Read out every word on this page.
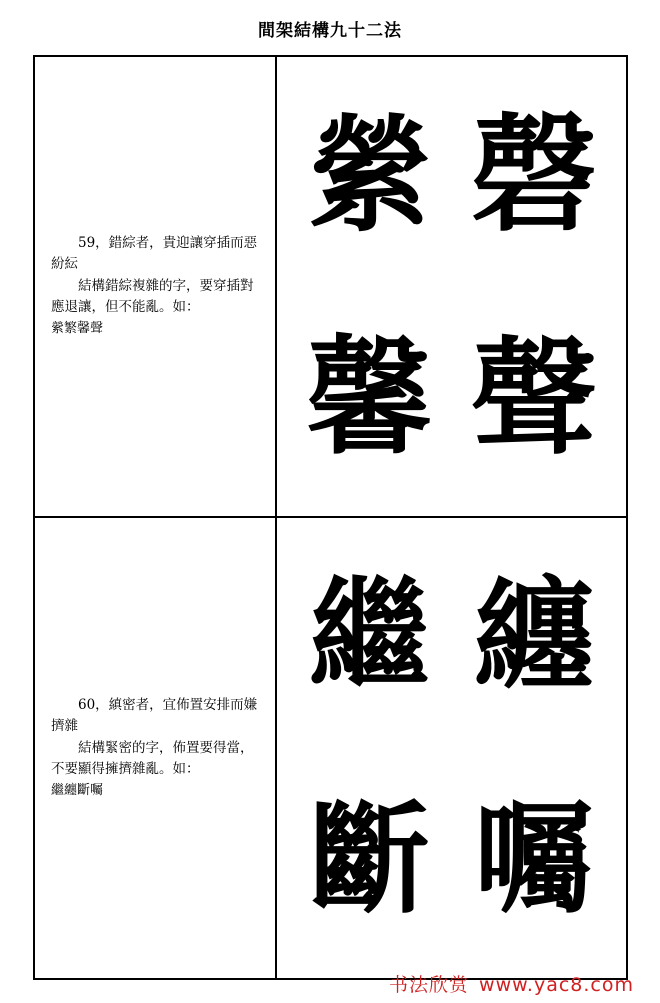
間架結構九十二法

59，錯綜者，貴迎讓穿插而惡紛紜

結構錯綜複雜的字，要穿插對應退讓，但不能亂。如：

縈繁馨聲

縈 磬
馨 聲

60，縝密者，宜佈置安排而嫌擠雜

結構緊密的字，佈置要得當，不要顯得擁擠雜亂。如：

繼纏斷囑

繼 纏
斷 囑
书法欣赏 www.yac8.com
